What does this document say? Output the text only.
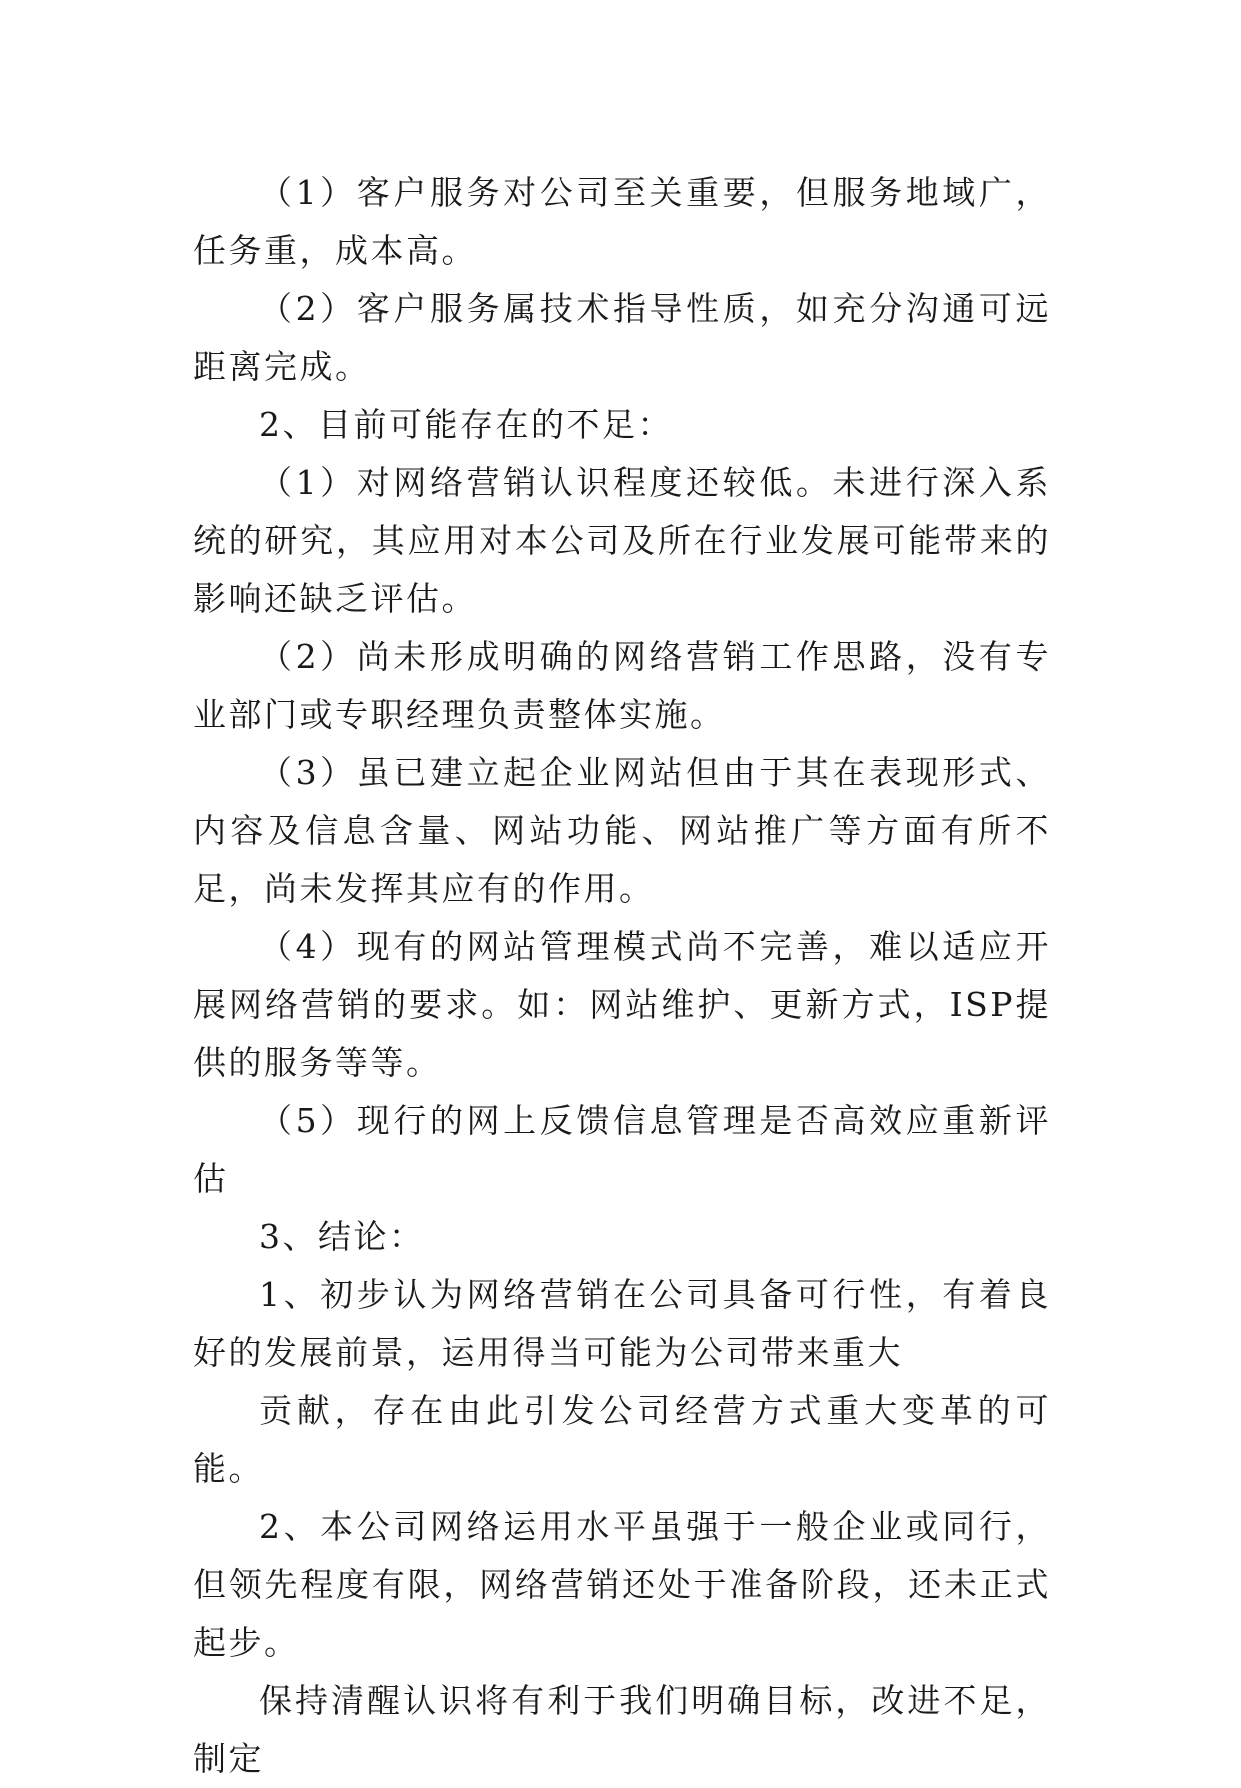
（1）客户服务对公司至关重要，但服务地域广，任务重，成本高。

（2）客户服务属技术指导性质，如充分沟通可远距离完成。

2、目前可能存在的不足：

（1）对网络营销认识程度还较低。未进行深入系统的研究，其应用对本公司及所在行业发展可能带来的影响还缺乏评估。

（2）尚未形成明确的网络营销工作思路，没有专业部门或专职经理负责整体实施。

（3）虽已建立起企业网站但由于其在表现形式、内容及信息含量、网站功能、网站推广等方面有所不足，尚未发挥其应有的作用。

（4）现有的网站管理模式尚不完善，难以适应开展网络营销的要求。如：网站维护、更新方式，ISP提供的服务等等。

（5）现行的网上反馈信息管理是否高效应重新评估

3、结论：

1、初步认为网络营销在公司具备可行性，有着良好的发展前景，运用得当可能为公司带来重大

贡献，存在由此引发公司经营方式重大变革的可能。

2、本公司网络运用水平虽强于一般企业或同行，但领先程度有限，网络营销还处于准备阶段，还未正式起步。

保持清醒认识将有利于我们明确目标，改进不足，制定
